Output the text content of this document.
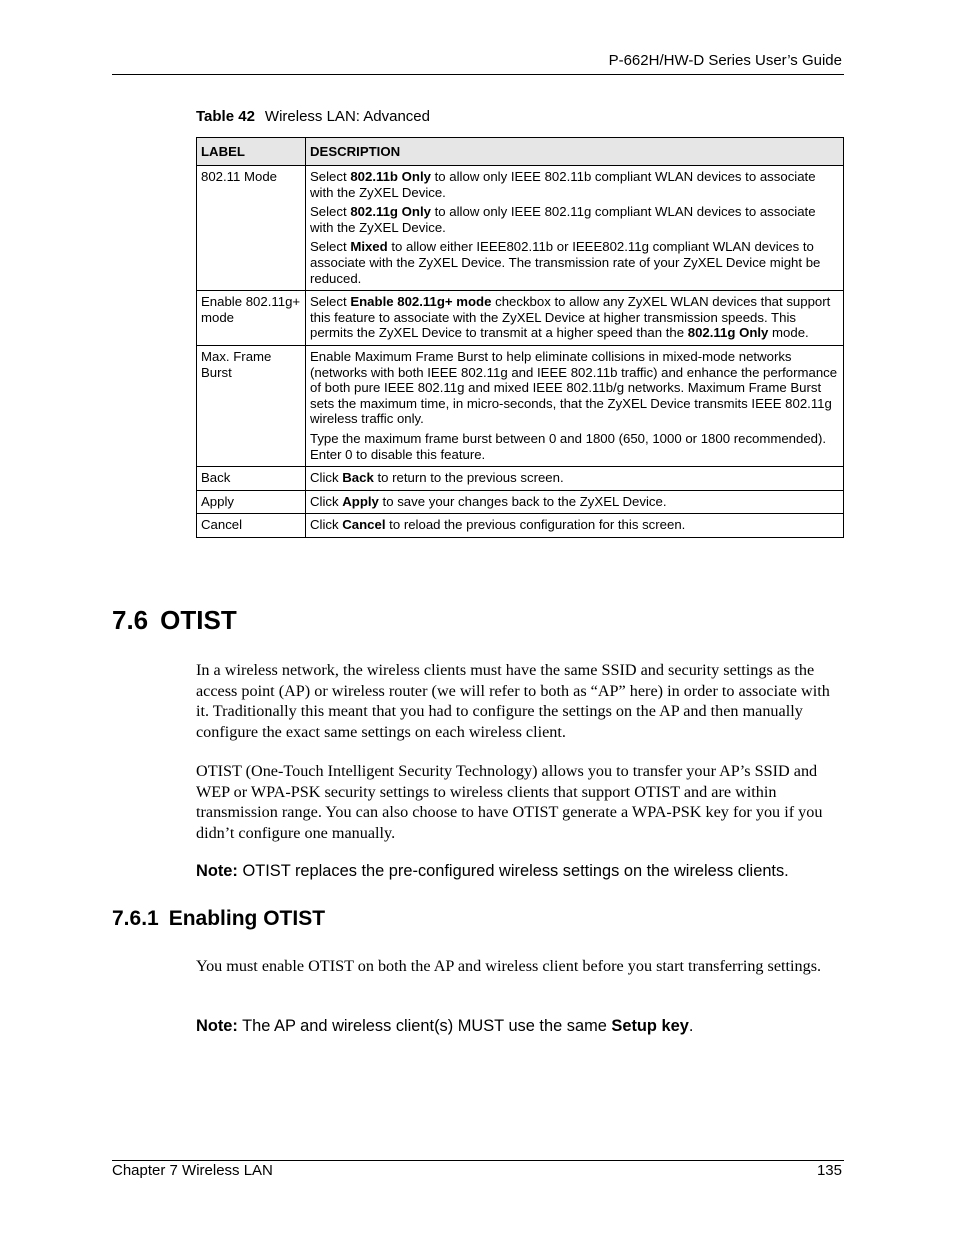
P-662H/HW-D Series User’s Guide
Table 42 Wireless LAN: Advanced
LABEL	DESCRIPTION
802.11 Mode	Select 802.11b Only to allow only IEEE 802.11b compliant WLAN devices to associate with the ZyXEL Device.

Select 802.11g Only to allow only IEEE 802.11g compliant WLAN devices to associate with the ZyXEL Device.

Select Mixed to allow either IEEE802.11b or IEEE802.11g compliant WLAN devices to associate with the ZyXEL Device. The transmission rate of your ZyXEL Device might be reduced.

Enable 802.11g+ mode	Select Enable 802.11g+ mode checkbox to allow any ZyXEL WLAN devices that support this feature to associate with the ZyXEL Device at higher transmission speeds. This permits the ZyXEL Device to transmit at a higher speed than the 802.11g Only mode.

Max. Frame Burst	Enable Maximum Frame Burst to help eliminate collisions in mixed-mode networks (networks with both IEEE 802.11g and IEEE 802.11b traffic) and enhance the performance of both pure IEEE 802.11g and mixed IEEE 802.11b/g networks. Maximum Frame Burst sets the maximum time, in micro-seconds, that the ZyXEL Device transmits IEEE 802.11g wireless traffic only.

Type the maximum frame burst between 0 and 1800 (650, 1000 or 1800 recommended). Enter 0 to disable this feature.

Back	Click Back to return to the previous screen.

Apply	Click Apply to save your changes back to the ZyXEL Device.

Cancel	Click Cancel to reload the previous configuration for this screen.

7.6 OTIST

In a wireless network, the wireless clients must have the same SSID and security settings as the access point (AP) or wireless router (we will refer to both as “AP” here) in order to associate with it. Traditionally this meant that you had to configure the settings on the AP and then manually configure the exact same settings on each wireless client.

OTIST (One-Touch Intelligent Security Technology) allows you to transfer your AP’s SSID and WEP or WPA-PSK security settings to wireless clients that support OTIST and are within transmission range. You can also choose to have OTIST generate a WPA-PSK key for you if you didn’t configure one manually.

Note: OTIST replaces the pre-configured wireless settings on the wireless clients.

7.6.1 Enabling OTIST

You must enable OTIST on both the AP and wireless client before you start transferring settings.

Note: The AP and wireless client(s) MUST use the same Setup key.

Chapter 7 Wireless LAN	135
